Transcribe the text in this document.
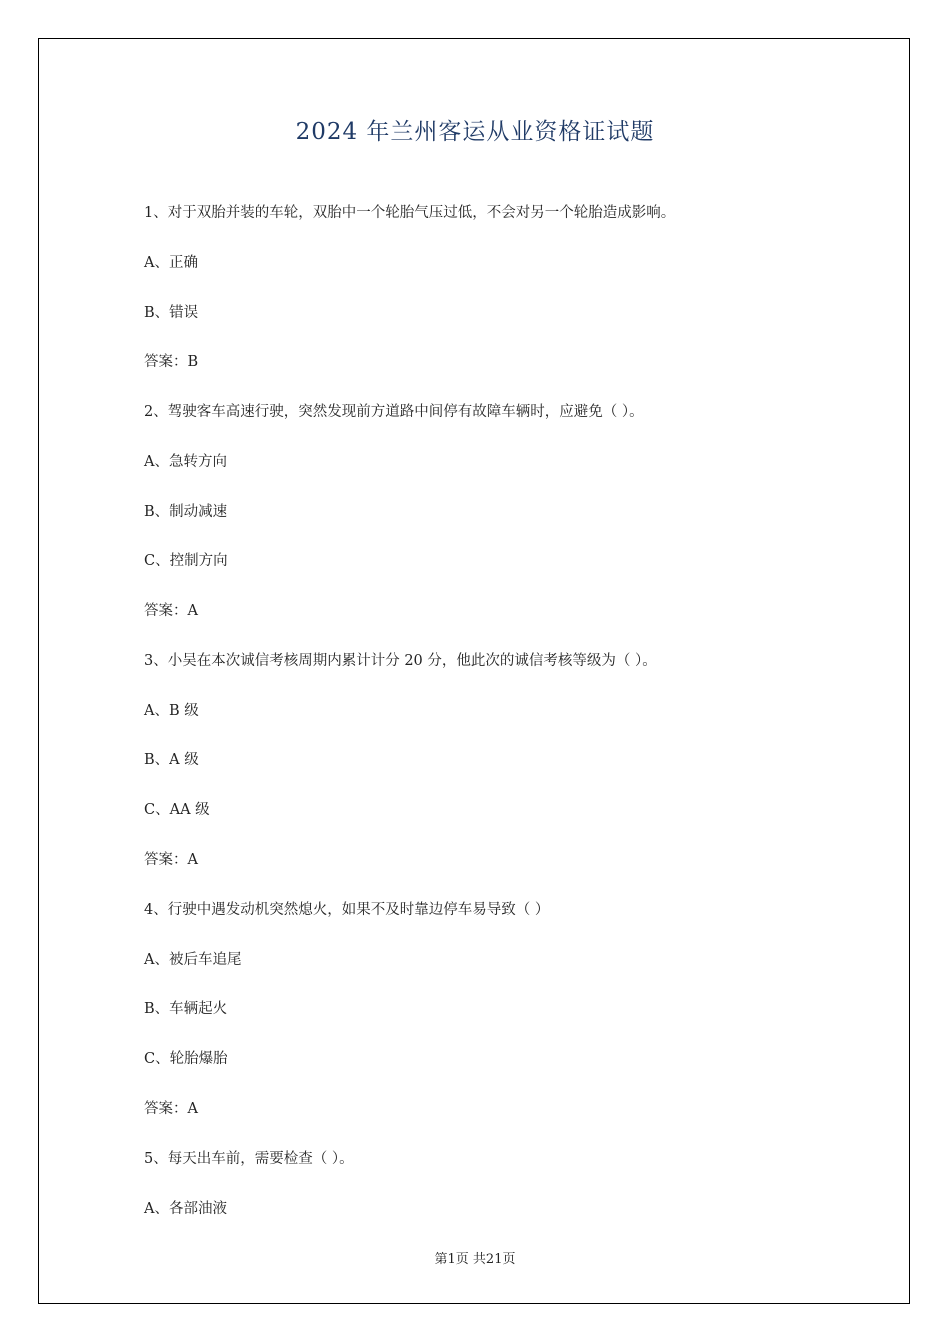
2024 年兰州客运从业资格证试题
1、对于双胎并装的车轮，双胎中一个轮胎气压过低，不会对另一个轮胎造成影响。
A、正确
B、错误
答案：B
2、驾驶客车高速行驶，突然发现前方道路中间停有故障车辆时，应避免（ ）。
A、急转方向
B、制动减速
C、控制方向
答案：A
3、小吴在本次诚信考核周期内累计计分 20 分，他此次的诚信考核等级为（ ）。
A、B 级
B、A 级
C、AA 级
答案：A
4、行驶中遇发动机突然熄火，如果不及时靠边停车易导致（ ）
A、被后车追尾
B、车辆起火
C、轮胎爆胎
答案：A
5、每天出车前，需要检查（ ）。
A、各部油液
第1页 共21页
